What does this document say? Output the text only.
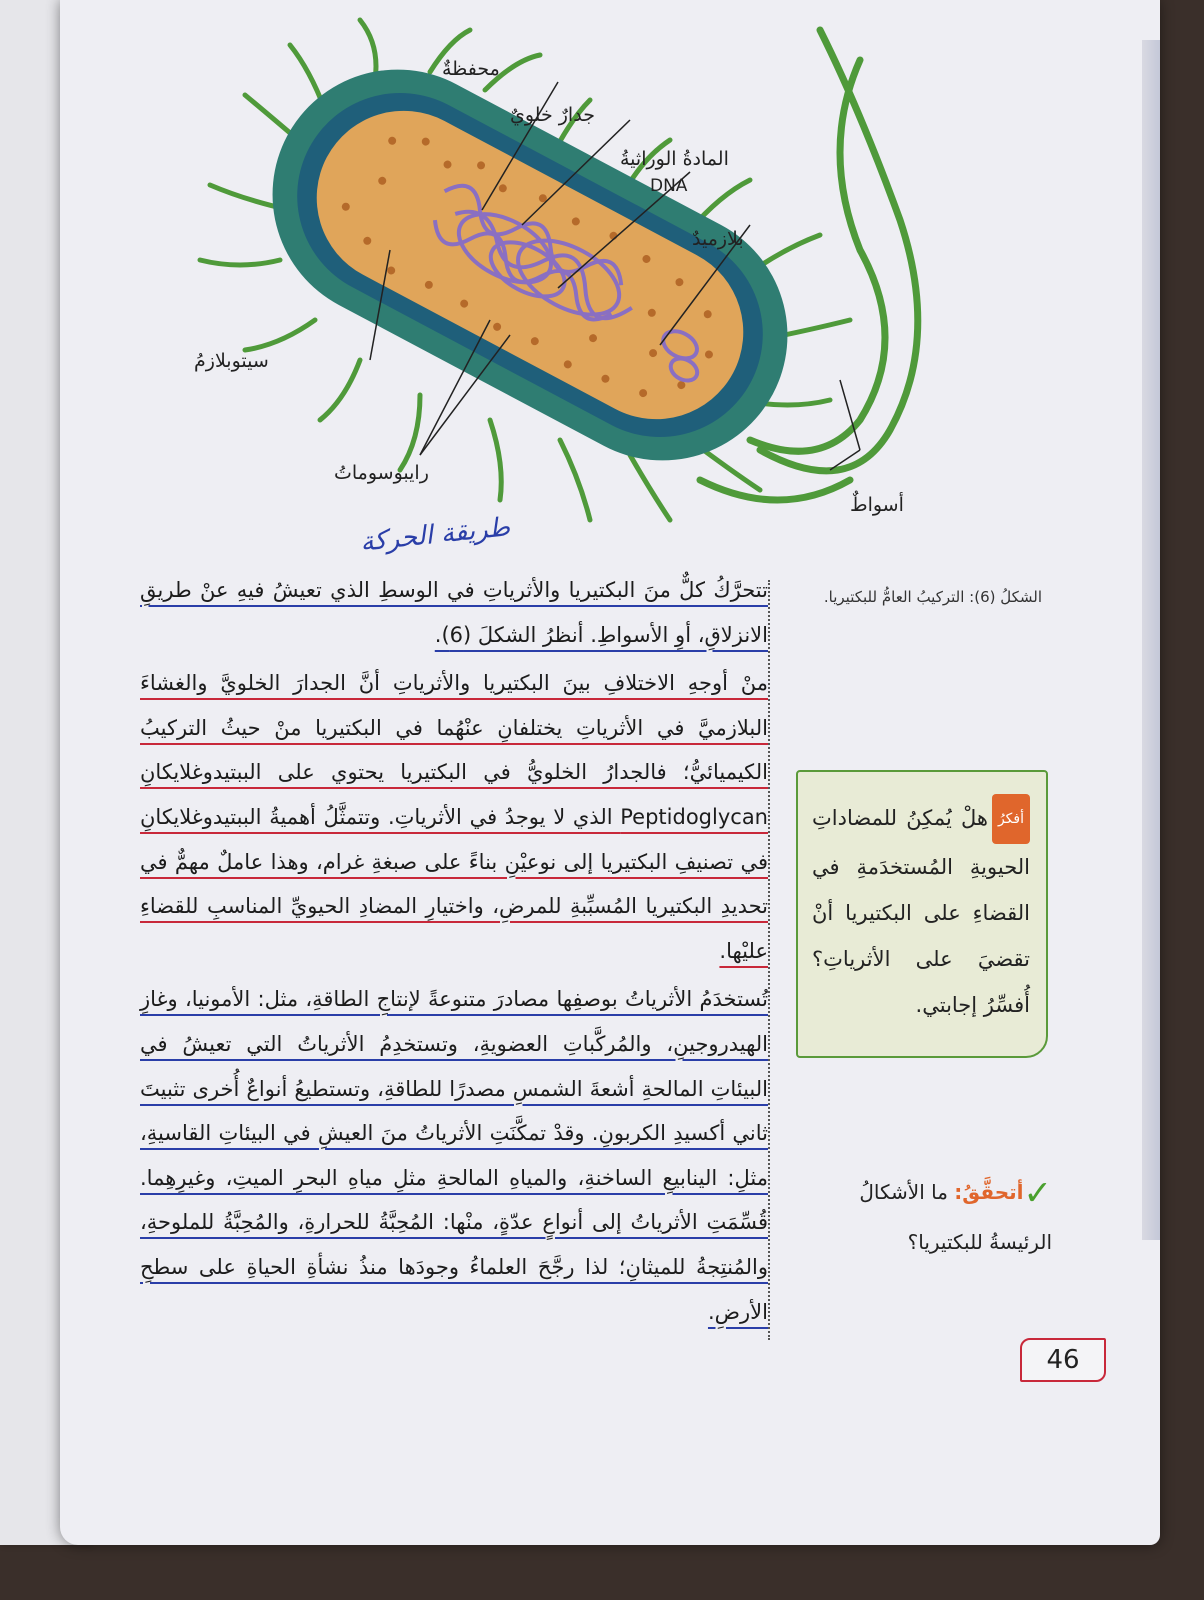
محفظةٌ
جدارٌ خلويٌ
المادةُ الوراثيةُ
DNA
بلازميدٌ
سيتوبلازمُ
رايبوسوماتُ
أسواطٌ
طريقة الحركة

تتحرَّكُ كلٌّ منَ البكتيريا والأثرياتِ في الوسطِ الذي تعيشُ فيهِ عنْ طريقِ الانزلاقِ، أوِ الأسواطِ. أنظرُ الشكلَ (6).

منْ أوجهِ الاختلافِ بينَ البكتيريا والأثرياتِ أنَّ الجدارَ الخلويَّ والغشاءَ البلازميَّ في الأثرياتِ يختلفانِ عنْهُما في البكتيريا منْ حيثُ التركيبُ الكيميائيُّ؛ فالجدارُ الخلويُّ في البكتيريا يحتوي على الببتيدوغلايكانِ Peptidoglycan الذي لا يوجدُ في الأثرياتِ. وتتمثَّلُ أهميةُ الببتيدوغلايكانِ في تصنيفِ البكتيريا إلى نوعيْنِ بناءً على صبغةِ غرام، وهذا عاملٌ مهمٌّ في تحديدِ البكتيريا المُسبِّبةِ للمرضِ، واختيارِ المضادِ الحيويِّ المناسبِ للقضاءِ عليْها.

تُستخدَمُ الأثرياتُ بوصفِها مصادرَ متنوعةً لإنتاجِ الطاقةِ، مثل: الأمونيا، وغازِ الهيدروجينِ، والمُركَّباتِ العضويةِ، وتستخدِمُ الأثرياتُ التي تعيشُ في البيئاتِ المالحةِ أشعةَ الشمسِ مصدرًا للطاقةِ، وتستطيعُ أنواعٌ أُخرى تثبيتَ ثاني أكسيدِ الكربونِ. وقدْ تمكَّنَتِ الأثرياتُ منَ العيشِ في البيئاتِ القاسيةِ، مثلِ: الينابيعِ الساخنةِ، والمياهِ المالحةِ مثلِ مياهِ البحرِ الميتِ، وغيرِهِما. قُسِّمَتِ الأثرياتُ إلى أنواعٍ عدّةٍ، منْها: المُحِبَّةُ للحرارةِ، والمُحِبَّةُ للملوحةِ، والمُنتِجةُ للميثانِ؛ لذا رجَّحَ العلماءُ وجودَها منذُ نشأةِ الحياةِ على سطحِ الأرضِ.

الشكلُ (6): التركيبُ العامُّ للبكتيريا.
أفكرُهلْ يُمكِنُ للمضاداتِ الحيويةِ المُستخدَمةِ في القضاءِ على البكتيريا أنْ تقضيَ على الأثرياتِ؟ أُفسِّرُ إجابتي.
✓أتحقَّقُ: ما الأشكالُ الرئيسةُ للبكتيريا؟
46
